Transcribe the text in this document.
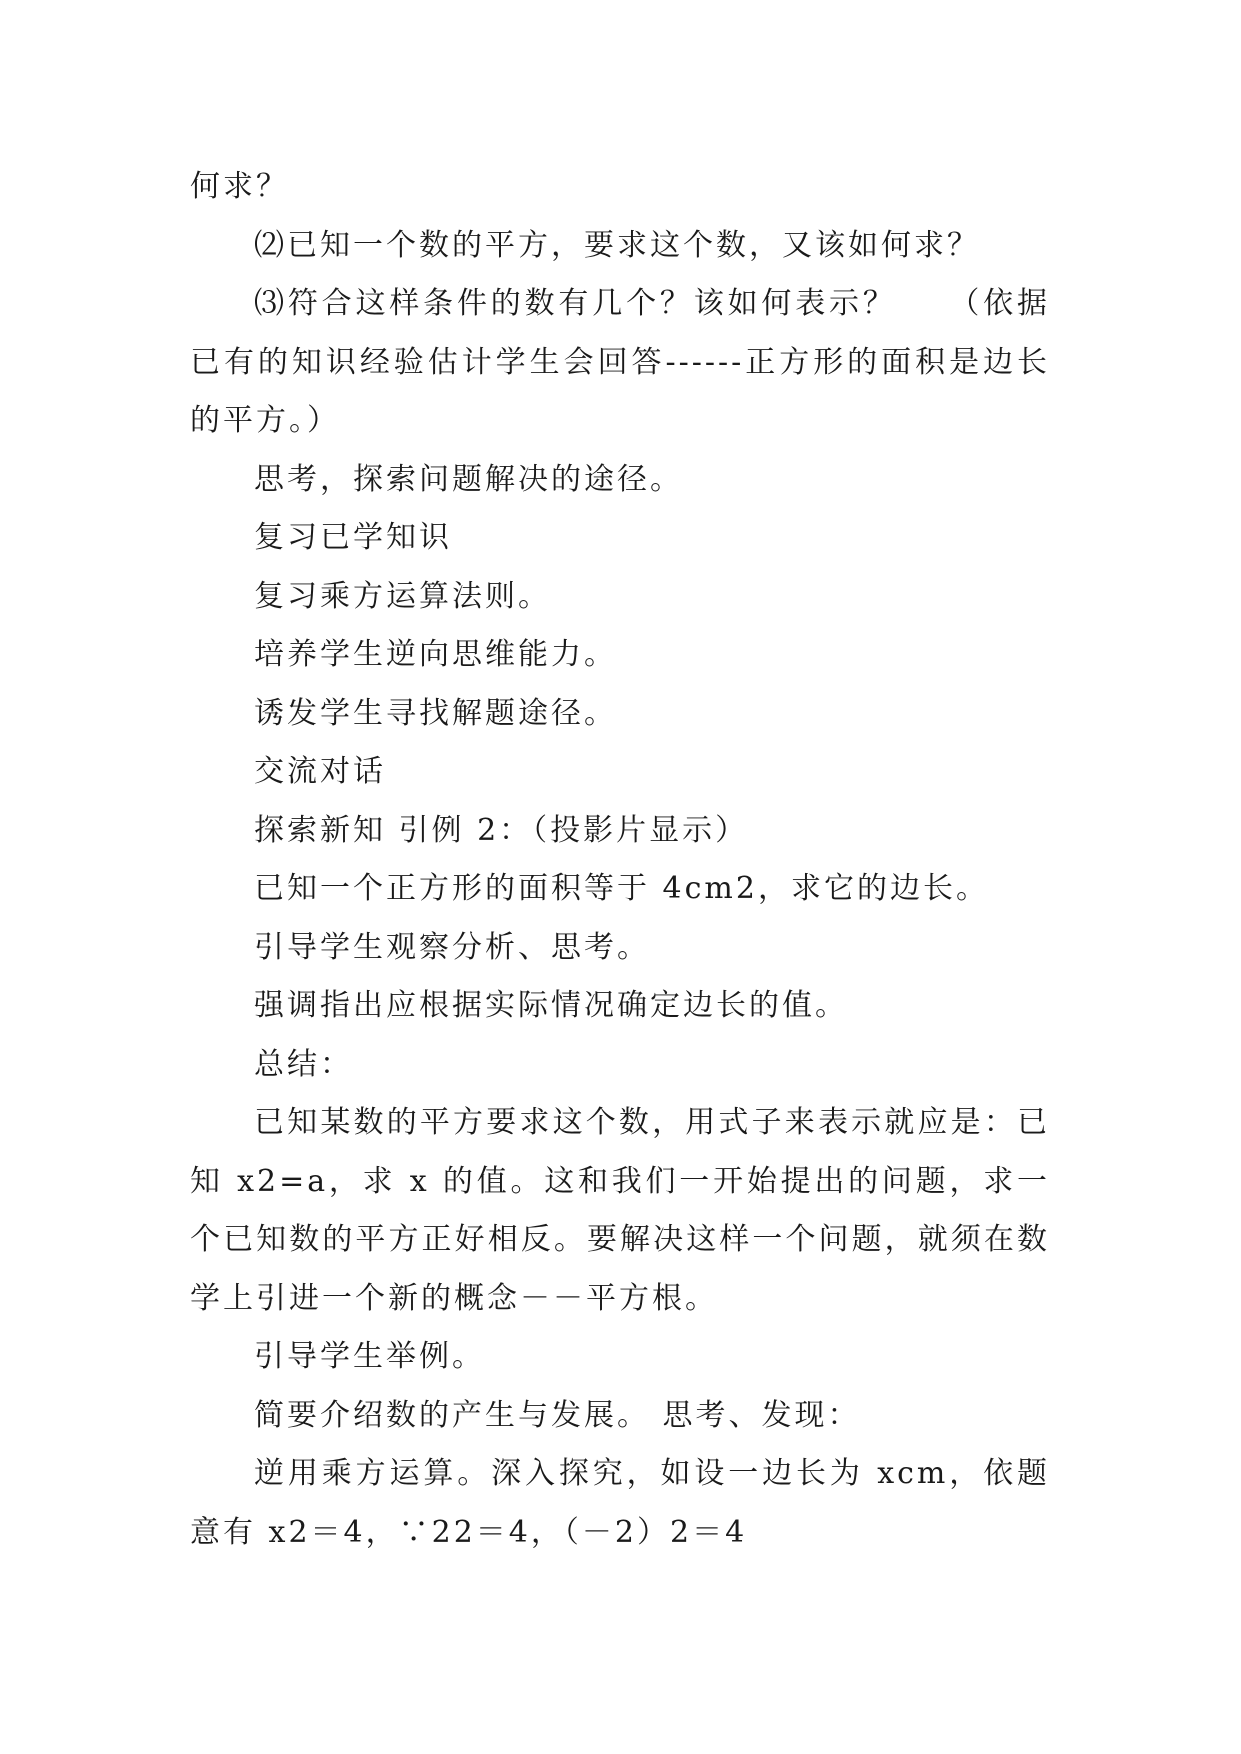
何求？

⑵已知一个数的平方，要求这个数，又该如何求？

⑶符合这样条件的数有几个？该如何表示？　　（依据已有的知识经验估计学生会回答------正方形的面积是边长的平方。）

思考，探索问题解决的途径。

复习已学知识

复习乘方运算法则。

培养学生逆向思维能力。

诱发学生寻找解题途径。

交流对话

探索新知 引例 2：（投影片显示）

已知一个正方形的面积等于 4cm2，求它的边长。

引导学生观察分析、思考。

强调指出应根据实际情况确定边长的值。

总结：

已知某数的平方要求这个数，用式子来表示就应是：已知 x2=a，求 x 的值。这和我们一开始提出的问题，求一个已知数的平方正好相反。要解决这样一个问题，就须在数学上引进一个新的概念－－平方根。

引导学生举例。

简要介绍数的产生与发展。 思考、发现：

逆用乘方运算。深入探究，如设一边长为 xcm，依题意有 x2＝4，∵22＝4，（－2）2＝4
